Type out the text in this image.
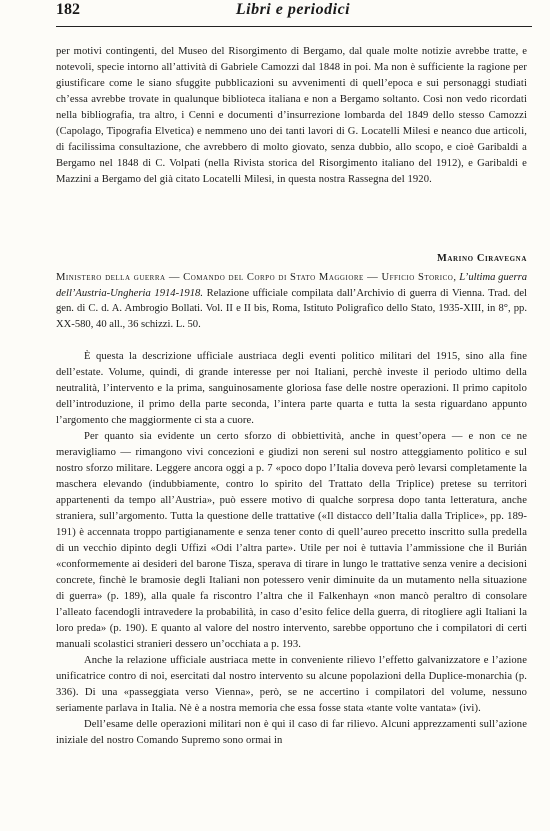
182	Libri e periodici

per motivi contingenti, del Museo del Risorgimento di Bergamo, dal quale molte notizie avrebbe tratte, e notevoli, specie intorno all’attività di Gabriele Camozzi dal 1848 in poi. Ma non è sufficiente la ragione per giustificare come le siano sfuggite pubblicazioni su avvenimenti di quell’epoca e sui personaggi studiati ch’essa avrebbe trovate in qualunque biblioteca italiana e non a Bergamo soltanto. Così non vedo ricordati nella bibliografia, tra altro, i Cenni e documenti d’insurrezione lombarda del 1849 dello stesso Camozzi (Capolago, Tipografia Elvetica) e nemmeno uno dei tanti lavori di G. Locatelli Milesi e neanco due articoli, di facilissima consultazione, che avrebbero di molto giovato, senza dubbio, allo scopo, e cioè Garibaldi a Bergamo nel 1848 di C. Volpati (nella Rivista storica del Risorgimento italiano del 1912), e Garibaldi e Mazzini a Bergamo del già citato Locatelli Milesi, in questa nostra Rassegna del 1920.

Marino Ciravegna
Ministero della guerra — Comando del Corpo di Stato Maggiore — Ufficio Storico, L’ultima guerra dell’Austria-Ungheria 1914-1918. Relazione ufficiale compilata dall’Archivio di guerra di Vienna. Trad. del gen. di C. d. A. Ambrogio Bollati. Vol. II e II bis, Roma, Istituto Poligrafico dello Stato, 1935-XIII, in 8°, pp. XX-580, 40 all., 36 schizzi. L. 50.

È questa la descrizione ufficiale austriaca degli eventi politico militari del 1915, sino alla fine dell’estate. Volume, quindi, di grande interesse per noi Italiani, perchè investe il periodo ultimo della neutralità, l’intervento e la prima, sanguinosamente gloriosa fase delle nostre operazioni. Il primo capitolo dell’introduzione, il primo della parte seconda, l’intera parte quarta e tutta la sesta riguardano appunto l’argomento che maggiormente ci sta a cuore.

Per quanto sia evidente un certo sforzo di obbiettività, anche in quest’opera — e non ce ne meravigliamo — rimangono vivi concezioni e giudizi non sereni sul nostro atteggiamento politico e sul nostro sforzo militare. Leggere ancora oggi a p. 7 «poco dopo l’Italia doveva però levarsi completamente la maschera elevando (indubbiamente, contro lo spirito del Trattato della Triplice) pretese su territori appartenenti da tempo all’Austria», può essere motivo di qualche sorpresa dopo tanta letteratura, anche straniera, sull’argomento. Tutta la questione delle trattative («Il distacco dell’Italia dalla Triplice», pp. 189-191) è accennata troppo partigianamente e senza tener conto di quell’aureo precetto inscritto sulla predella di un vecchio dipinto degli Uffizi «Odi l’altra parte». Utile per noi è tuttavia l’ammissione che il Burián «conformemente ai desideri del barone Tisza, sperava di tirare in lungo le trattative senza venire a decisioni concrete, finchè le bramosie degli Italiani non potessero venir diminuite da un mutamento nella situazione di guerra» (p. 189), alla quale fa riscontro l’altra che il Falkenhayn «non mancò peraltro di consolare l’alleato facendogli intravedere la probabilità, in caso d’esito felice della guerra, di ritogliere agli Italiani la loro preda» (p. 190). E quanto al valore del nostro intervento, sarebbe opportuno che i compilatori di certi manuali scolastici stranieri dessero un’occhiata a p. 193.

Anche la relazione ufficiale austriaca mette in conveniente rilievo l’effetto galvanizzatore e l’azione unificatrice contro di noi, esercitati dal nostro intervento su alcune popolazioni della Duplice-monarchia (p. 336). Di una «passeggiata verso Vienna», però, se ne accertino i compilatori del volume, nessuno seriamente parlava in Italia. Nè è a nostra memoria che essa fosse stata «tante volte vantata» (ivi).

Dell’esame delle operazioni militari non è qui il caso di far rilievo. Alcuni apprezzamenti sull’azione iniziale del nostro Comando Supremo sono ormai in
